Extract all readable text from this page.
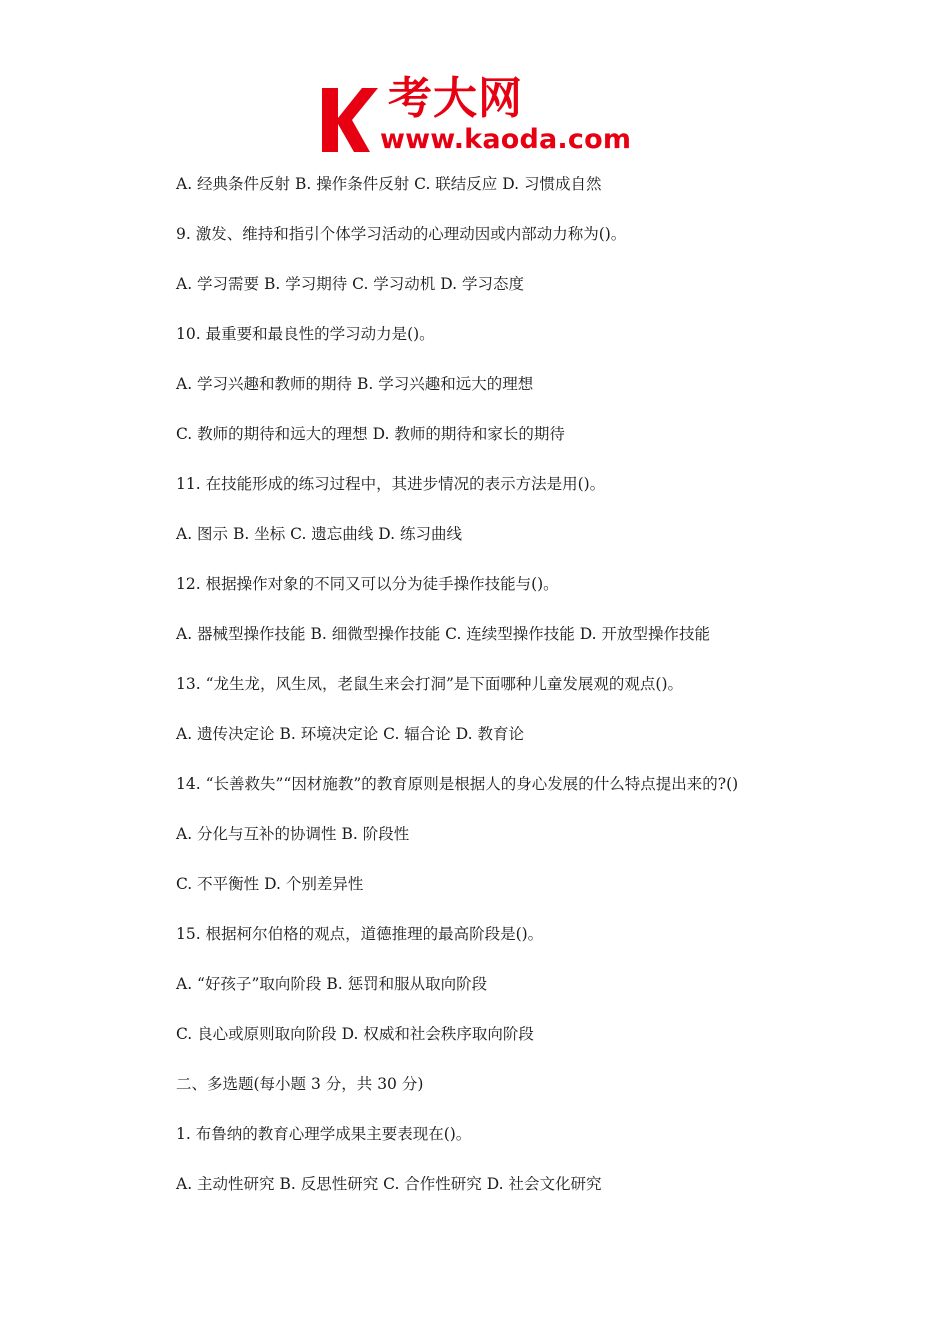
考大网
www.kaoda.com

A. 经典条件反射 B. 操作条件反射 C. 联结反应 D. 习惯成自然

9. 激发、维持和指引个体学习活动的心理动因或内部动力称为()。

A. 学习需要 B. 学习期待 C. 学习动机 D. 学习态度

10. 最重要和最良性的学习动力是()。

A. 学习兴趣和教师的期待 B. 学习兴趣和远大的理想

C. 教师的期待和远大的理想 D. 教师的期待和家长的期待

11. 在技能形成的练习过程中，其进步情况的表示方法是用()。

A. 图示 B. 坐标 C. 遗忘曲线 D. 练习曲线

12. 根据操作对象的不同又可以分为徒手操作技能与()。

A. 器械型操作技能 B. 细微型操作技能 C. 连续型操作技能 D. 开放型操作技能

13. “龙生龙，风生凤，老鼠生来会打洞”是下面哪种儿童发展观的观点()。

A. 遗传决定论 B. 环境决定论 C. 辐合论 D. 教育论

14. “长善救失”“因材施教”的教育原则是根据人的身心发展的什么特点提出来的?()

A. 分化与互补的协调性 B. 阶段性

C. 不平衡性 D. 个别差异性

15. 根据柯尔伯格的观点，道德推理的最高阶段是()。

A. “好孩子”取向阶段 B. 惩罚和服从取向阶段

C. 良心或原则取向阶段 D. 权威和社会秩序取向阶段

二、多选题(每小题 3 分，共 30 分)

1. 布鲁纳的教育心理学成果主要表现在()。

A. 主动性研究 B. 反思性研究 C. 合作性研究 D. 社会文化研究
